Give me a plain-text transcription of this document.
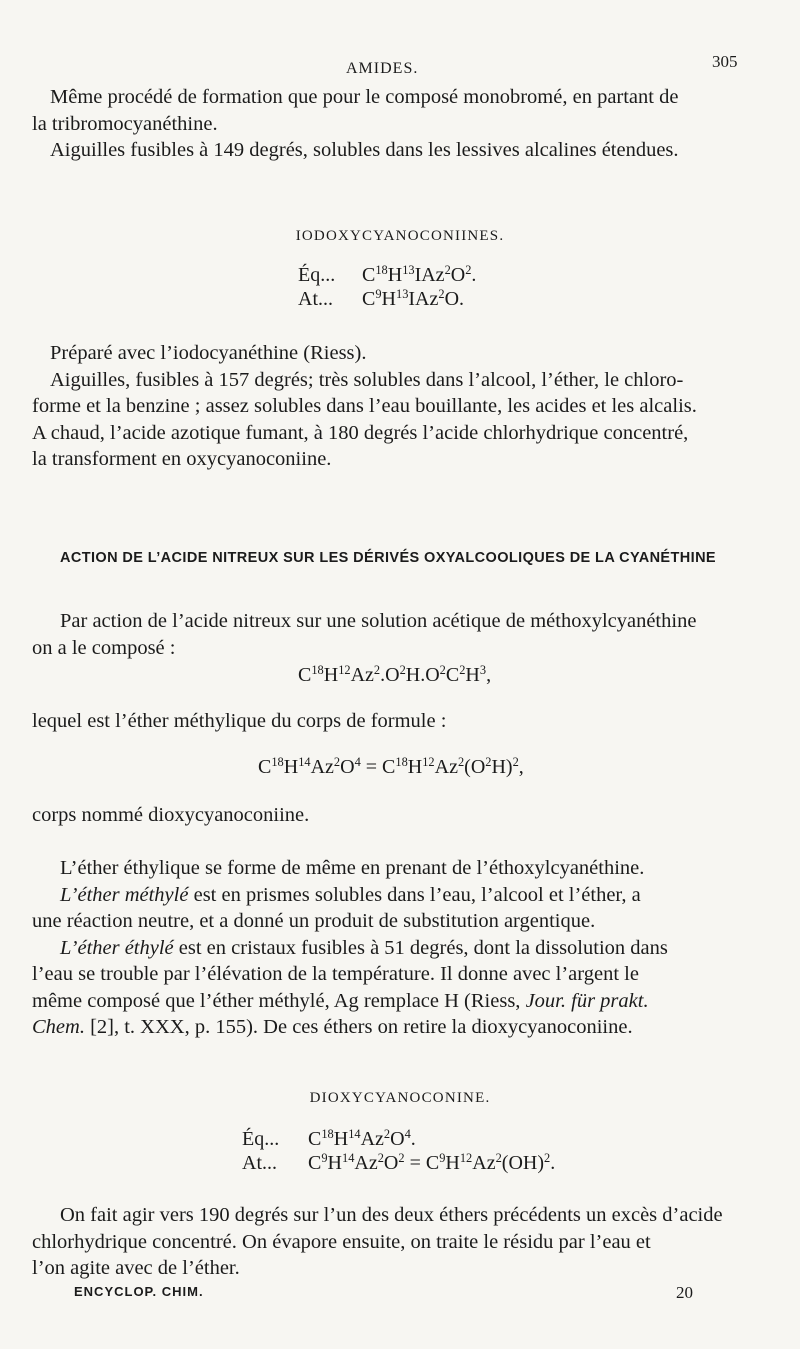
AMIDES.	305
Même procédé de formation que pour le composé monobromé, en partant de
la tribromocyanéthine.
Aiguilles fusibles à 149 degrés, solubles dans les lessives alcalines étendues.
IODOXYCYANOCONIINES.
Éq... $C^{18}H^{13}IAz^2O^2$.
At... $C^9H^{13}IAz^2O$.
Préparé avec l’iodocyanéthine (Riess).
Aiguilles, fusibles à 157 degrés; très solubles dans l’alcool, l’éther, le chloro-
forme et la benzine ; assez solubles dans l’eau bouillante, les acides et les alcalis.
A chaud, l’acide azotique fumant, à 180 degrés l’acide chlorhydrique concentré,
la transforment en oxycyanoconiine.
ACTION DE L’ACIDE NITREUX SUR LES DÉRIVÉS OXYALCOOLIQUES DE LA CYANÉTHINE
Par action de l’acide nitreux sur une solution acétique de méthoxylcyanéthine
on a le composé :
$C^{18}H^{12}Az^2.O^2H.O^2C^2H^3$,
lequel est l’éther méthylique du corps de formule :
$C^{18}H^{14}Az^2O^4 = C^{18}H^{12}Az^2(O^2H)^2$,
corps nommé dioxycyanoconiine.
L’éther éthylique se forme de même en prenant de l’éthoxylcyanéthine.
L’éther méthylé est en prismes solubles dans l’eau, l’alcool et l’éther, a
une réaction neutre, et a donné un produit de substitution argentique.
L’éther éthylé est en cristaux fusibles à 51 degrés, dont la dissolution dans
l’eau se trouble par l’élévation de la température. Il donne avec l’argent le
même composé que l’éther méthylé, Ag remplace H (Riess, Jour. für prakt.
Chem. [2], t. XXX, p. 155). De ces éthers on retire la dioxycyanoconiine.
DIOXYCYANOCONINE.
Éq... $C^{18}H^{14}Az^2O^4$.
At... $C^9H^{14}Az^2O^2 = C^9H^{12}Az^2(OH)^2$.
On fait agir vers 190 degrés sur l’un des deux éthers précédents un excès d’acide
chlorhydrique concentré. On évapore ensuite, on traite le résidu par l’eau et
l’on agite avec de l’éther.
ENCYCLOP. CHIM.	20
